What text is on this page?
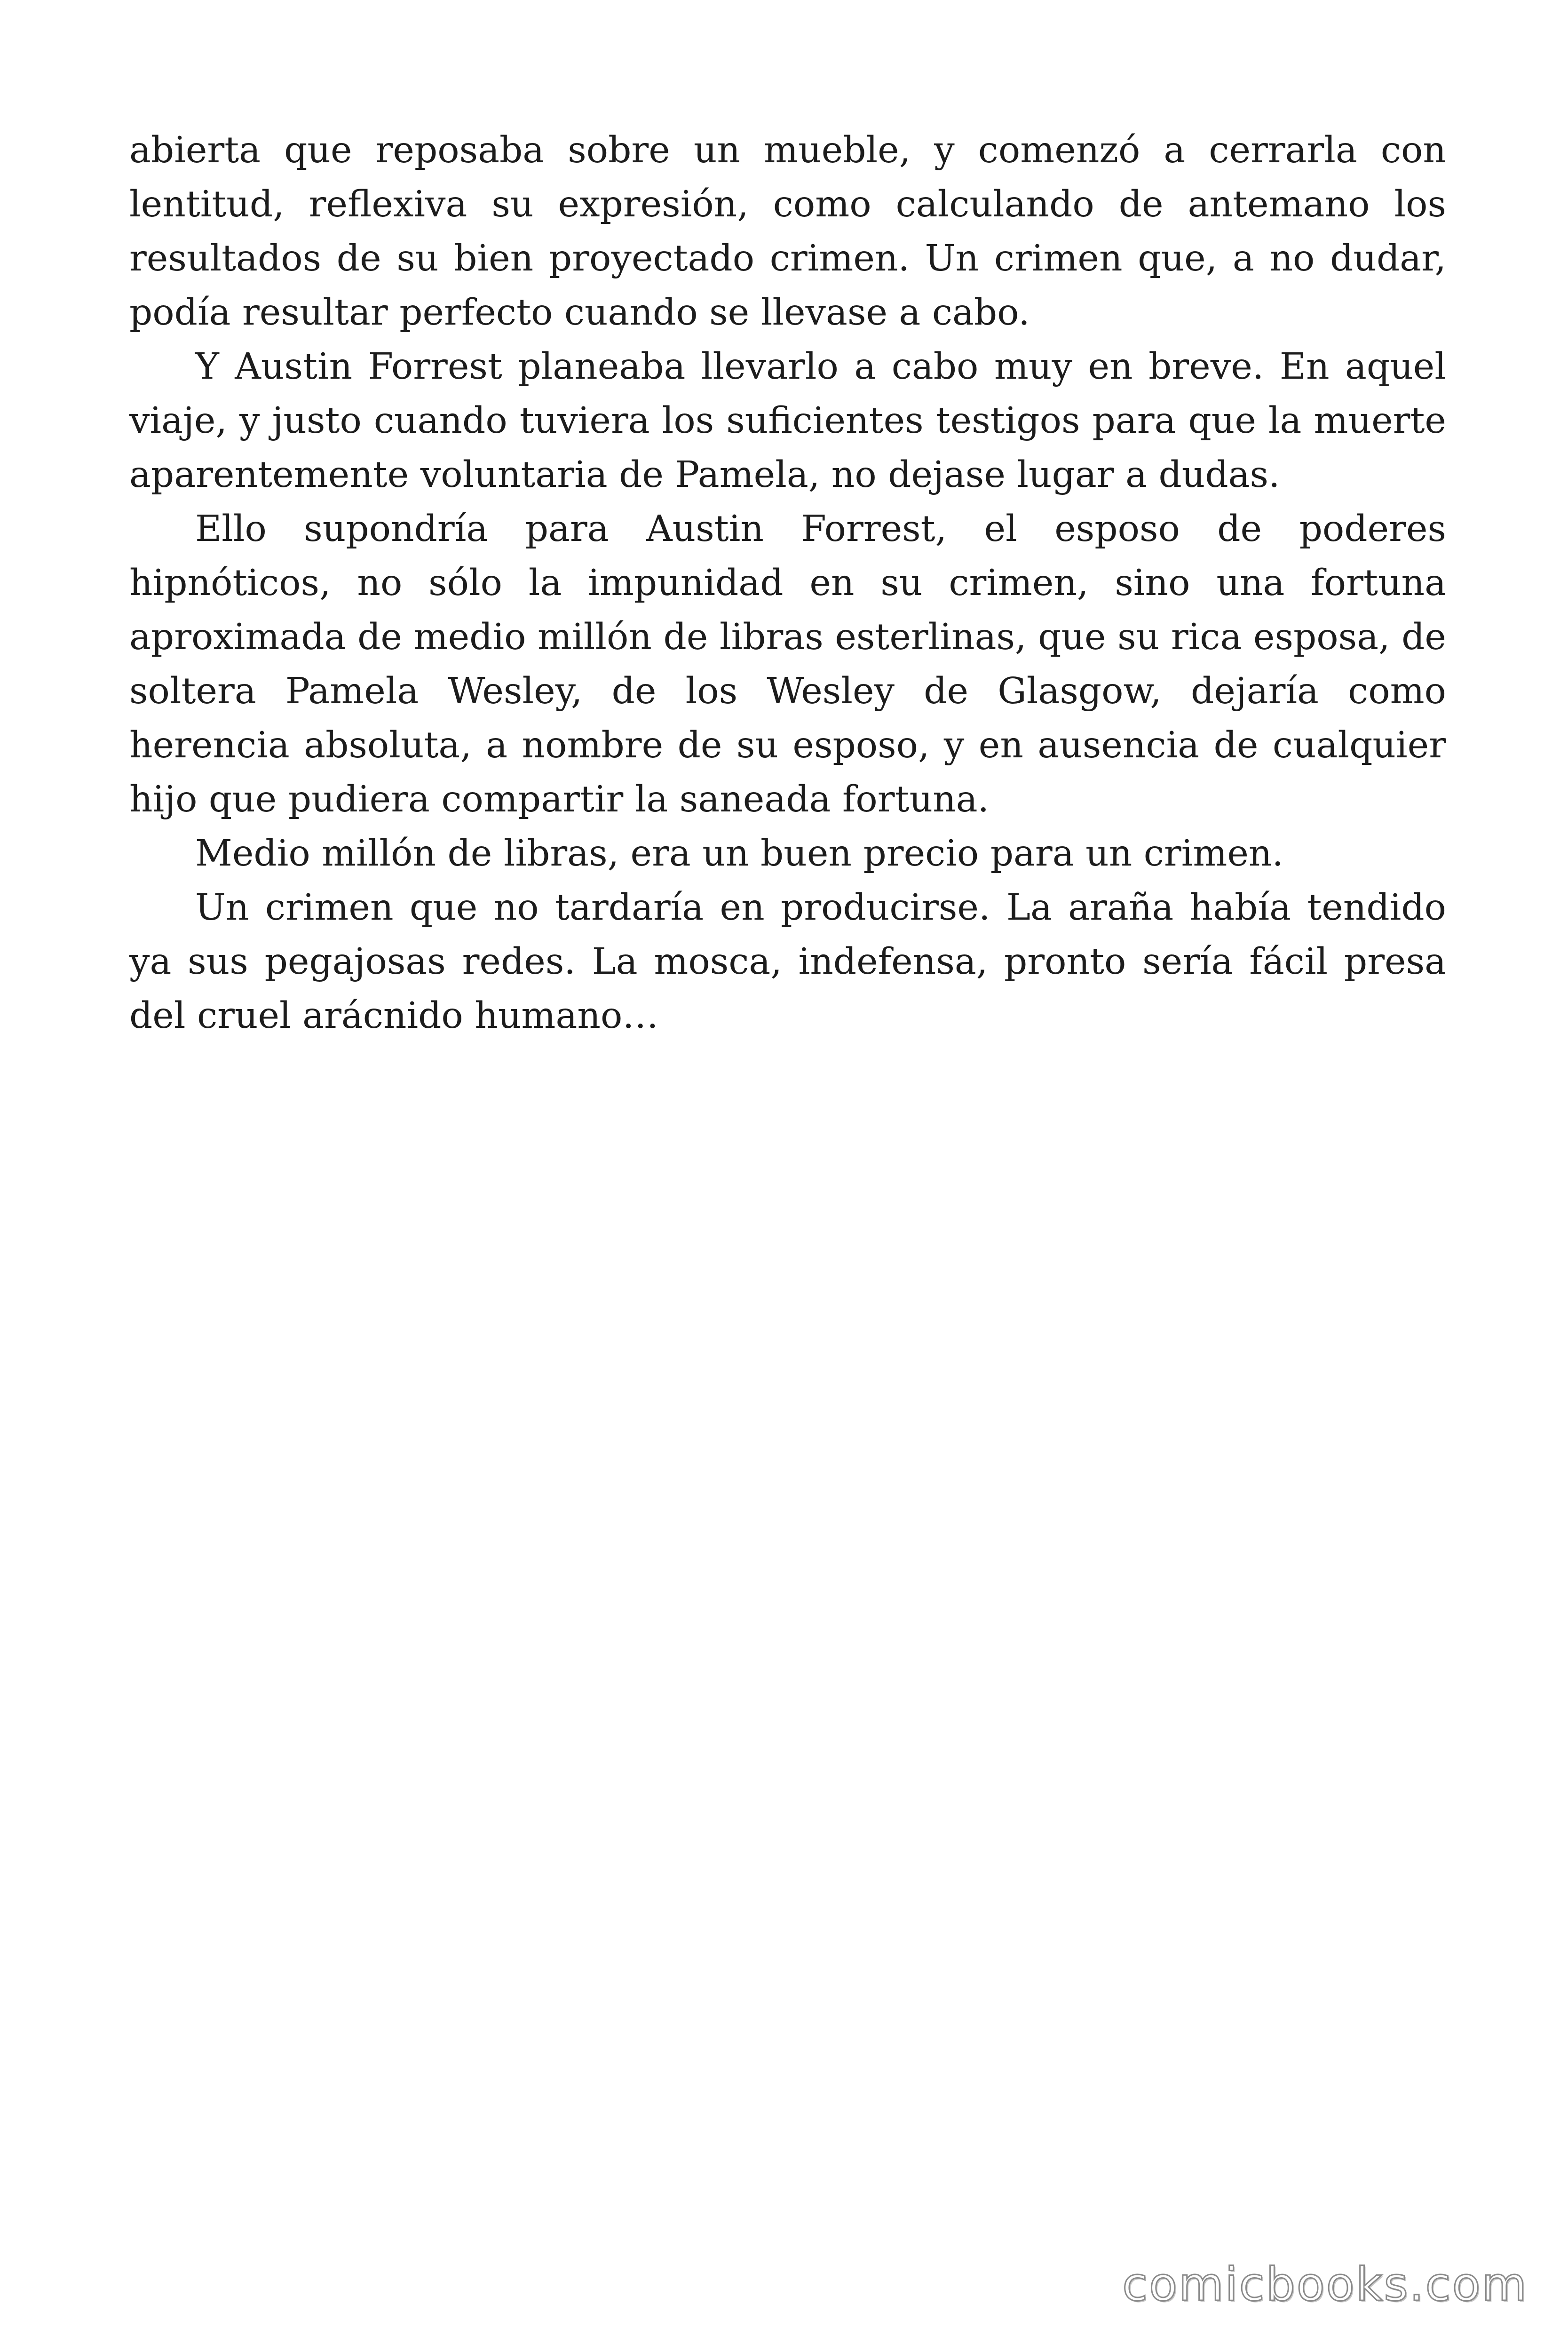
abierta que reposaba sobre un mueble, y comenzó a cerrarla con lentitud, reflexiva su expresión, como calculando de antemano los resultados de su bien proyectado crimen. Un crimen que, a no dudar, podía resultar perfecto cuando se llevase a cabo.

Y Austin Forrest planeaba llevarlo a cabo muy en breve. En aquel viaje, y justo cuando tuviera los suficientes testigos para que la muerte aparentemente voluntaria de Pamela, no dejase lugar a dudas.

Ello supondría para Austin Forrest, el esposo de poderes hipnóticos, no sólo la impunidad en su crimen, sino una fortuna aproximada de medio millón de libras esterlinas, que su rica esposa, de soltera Pamela Wesley, de los Wesley de Glasgow, dejaría como herencia absoluta, a nombre de su esposo, y en ausencia de cualquier hijo que pudiera compartir la saneada fortuna.

Medio millón de libras, era un buen precio para un crimen.

Un crimen que no tardaría en producirse. La araña había tendido ya sus pegajosas redes. La mosca, indefensa, pronto sería fácil presa del cruel arácnido humano…

comicbooks.com
